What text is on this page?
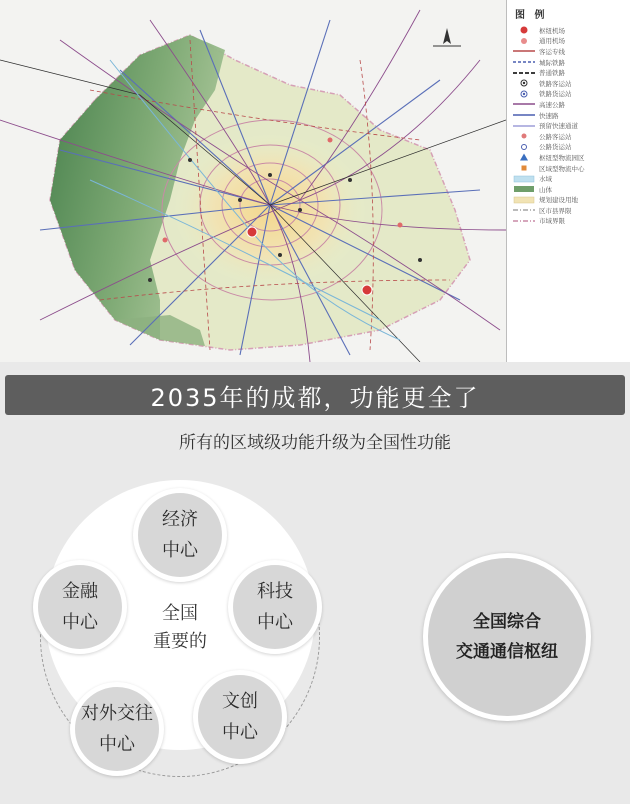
图 例
枢纽机场
通用机场
客运专线
城际铁路
普通铁路
铁路客运站
铁路货运站
高速公路
快速路
预留快速通道
公路客运站
公路货运站
枢纽型物流园区
区域型物流中心
水域
山体
规划建设用地
区市县界限
市域界限
2035年的成都，功能更全了
所有的区域级功能升级为全国性功能
全国
重要的
经济
中心
科技
中心
文创
中心
对外交往
中心
金融
中心	全国综合
交通通信枢纽
